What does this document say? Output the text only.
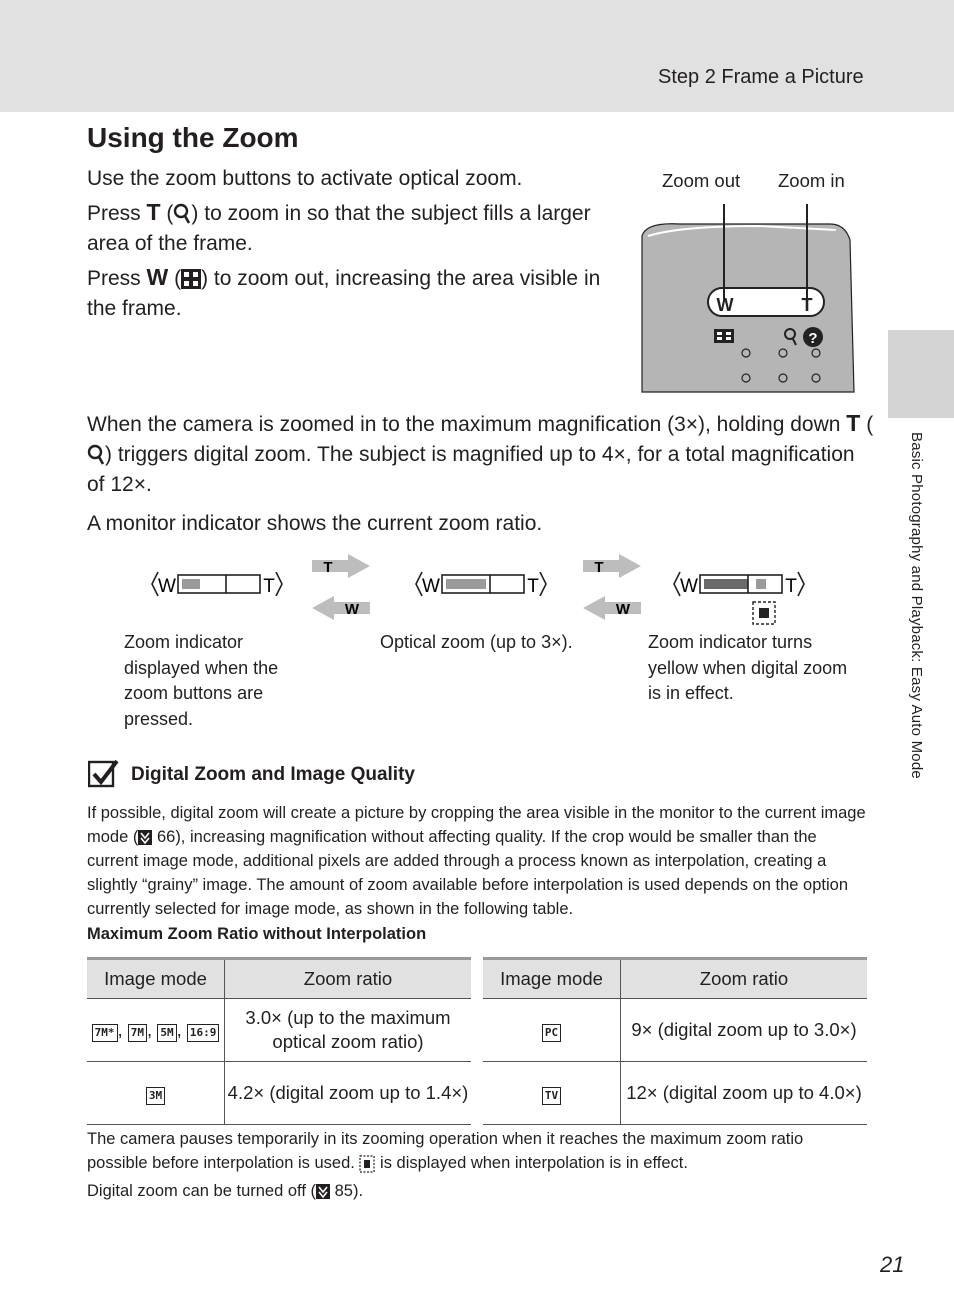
Step 2 Frame a Picture
Basic Photography and Playback: Easy Auto Mode
Using the Zoom
Use the zoom buttons to activate optical zoom.
Press T ( ) to zoom in so that the subject fills a larger area of the frame.
Press W ( ) to zoom out, increasing the area visible in the frame.
Zoom out Zoom in
W	T
?
When the camera is zoomed in to the maximum magnification (3×), holding down T () triggers digital zoom. The subject is magnified up to 4×, for a total magnification of 12×.
A monitor indicator shows the current zoom ratio.
W	T
T
W
W	T
T
W
W	T
Zoom indicator displayed when the zoom buttons are pressed.
Optical zoom (up to 3×).	Zoom indicator turns yellow when digital zoom is in effect.
Digital Zoom and Image Quality
If possible, digital zoom will create a picture by cropping the area visible in the monitor to the current image mode ( 66), increasing magnification without affecting quality. If the crop would be smaller than the current image mode, additional pixels are added through a process known as interpolation, creating a slightly “grainy” image. The amount of zoom available before interpolation is used depends on the option currently selected for image mode, as shown in the following table.
Maximum Zoom Ratio without Interpolation
Image mode	Zoom ratio
7M* , 7M , 5M , 16:9	3.0× (up to the maximum optical zoom ratio)
3M	4.2× (digital zoom up to 1.4×)
Image mode	Zoom ratio
PC	9× (digital zoom up to 3.0×)
TV	12× (digital zoom up to 4.0×)
The camera pauses temporarily in its zooming operation when it reaches the maximum zoom ratio possible before interpolation is used. is displayed when interpolation is in effect.
Digital zoom can be turned off ( 85).
21
